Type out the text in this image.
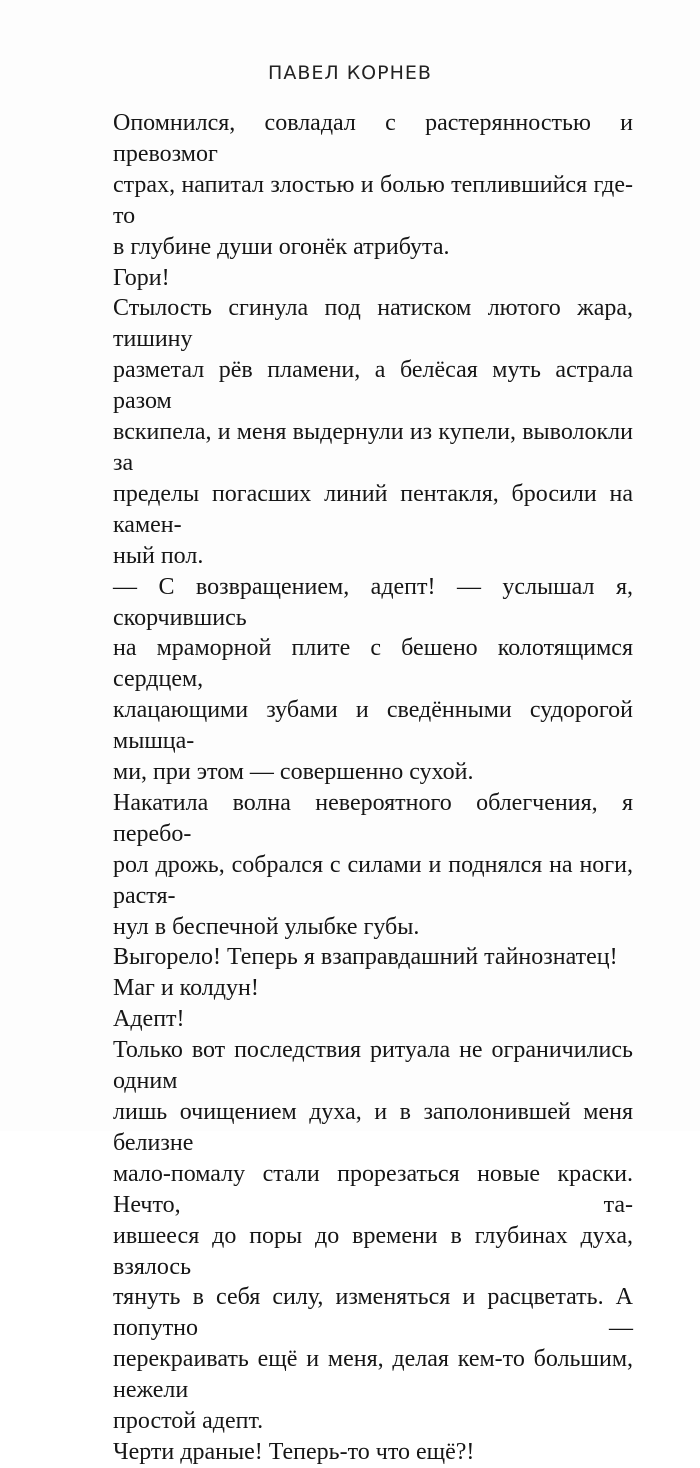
ПАВЕЛ КОРНЕВ

Опомнился, совладал с растерянностью и превозмог
страх, напитал злостью и болью теплившийся где-то
в глубине души огонёк атрибута.

Гори!

Стылость сгинула под натиском лютого жара, тишину
разметал рёв пламени, а белёсая муть астрала разом
вскипела, и меня выдернули из купели, выволокли за
пределы погасших линий пентакля, бросили на камен-
ный пол.

— С возвращением, адепт! — услышал я, скорчившись
на мраморной плите с бешено колотящимся сердцем,
клацающими зубами и сведёнными судорогой мышца-
ми, при этом — совершенно сухой.

Накатила волна невероятного облегчения, я перебо-
рол дрожь, собрался с силами и поднялся на ноги, растя-
нул в беспечной улыбке губы.

Выгорело! Теперь я взаправдашний тайнознатец!

Маг и колдун!

Адепт!

Только вот последствия ритуала не ограничились одним
лишь очищением духа, и в заполонившей меня белизне
мало-помалу стали прорезаться новые краски. Нечто, та-
ившееся до поры до времени в глубинах духа, взялось
тянуть в себя силу, изменяться и расцветать. А попутно —
перекраивать ещё и меня, делая кем-то большим, нежели
простой адепт.

Черти драные! Теперь-то что ещё?!
